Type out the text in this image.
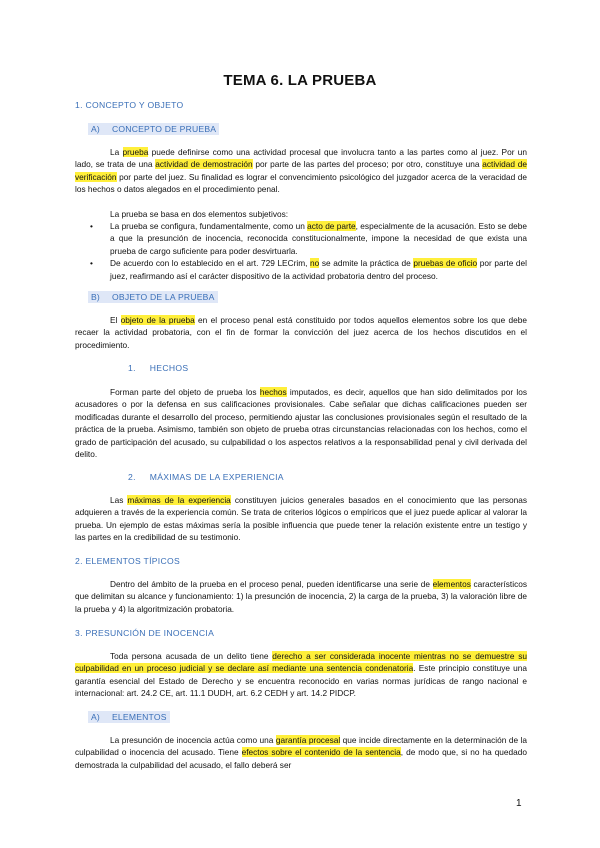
TEMA 6. LA PRUEBA
1. CONCEPTO Y OBJETO
A) CONCEPTO DE PRUEBA

La prueba puede definirse como una actividad procesal que involucra tanto a las partes como al juez. Por un lado, se trata de una actividad de demostración por parte de las partes del proceso; por otro, constituye una actividad de verificación por parte del juez. Su finalidad es lograr el convencimiento psicológico del juzgador acerca de la veracidad de los hechos o datos alegados en el procedimiento penal.

La prueba se basa en dos elementos subjetivos:

• La prueba se configura, fundamentalmente, como un acto de parte, especialmente de la acusación. Esto se debe a que la presunción de inocencia, reconocida constitucionalmente, impone la necesidad de que exista una prueba de cargo suficiente para poder desvirtuarla.
• De acuerdo con lo establecido en el art. 729 LECrim, no se admite la práctica de pruebas de oficio por parte del juez, reafirmando así el carácter dispositivo de la actividad probatoria dentro del proceso.
B) OBJETO DE LA PRUEBA

El objeto de la prueba en el proceso penal está constituido por todos aquellos elementos sobre los que debe recaer la actividad probatoria, con el fin de formar la convicción del juez acerca de los hechos discutidos en el procedimiento.

1. HECHOS

Forman parte del objeto de prueba los hechos imputados, es decir, aquellos que han sido delimitados por los acusadores o por la defensa en sus calificaciones provisionales. Cabe señalar que dichas calificaciones pueden ser modificadas durante el desarrollo del proceso, permitiendo ajustar las conclusiones provisionales según el resultado de la práctica de la prueba. Asimismo, también son objeto de prueba otras circunstancias relacionadas con los hechos, como el grado de participación del acusado, su culpabilidad o los aspectos relativos a la responsabilidad penal y civil derivada del delito.

2. MÁXIMAS DE LA EXPERIENCIA

Las máximas de la experiencia constituyen juicios generales basados en el conocimiento que las personas adquieren a través de la experiencia común. Se trata de criterios lógicos o empíricos que el juez puede aplicar al valorar la prueba. Un ejemplo de estas máximas sería la posible influencia que puede tener la relación existente entre un testigo y las partes en la credibilidad de su testimonio.

2. ELEMENTOS TÍPICOS

Dentro del ámbito de la prueba en el proceso penal, pueden identificarse una serie de elementos característicos que delimitan su alcance y funcionamiento: 1) la presunción de inocencia, 2) la carga de la prueba, 3) la valoración libre de la prueba y 4) la algoritmización probatoria.

3. PRESUNCIÓN DE INOCENCIA

Toda persona acusada de un delito tiene derecho a ser considerada inocente mientras no se demuestre su culpabilidad en un proceso judicial y se declare así mediante una sentencia condenatoria. Este principio constituye una garantía esencial del Estado de Derecho y se encuentra reconocido en varias normas jurídicas de rango nacional e internacional: art. 24.2 CE, art. 11.1 DUDH, art. 6.2 CEDH y art. 14.2 PIDCP.

A) ELEMENTOS

La presunción de inocencia actúa como una garantía procesal que incide directamente en la determinación de la culpabilidad o inocencia del acusado. Tiene efectos sobre el contenido de la sentencia, de modo que, si no ha quedado demostrada la culpabilidad del acusado, el fallo deberá ser

1
